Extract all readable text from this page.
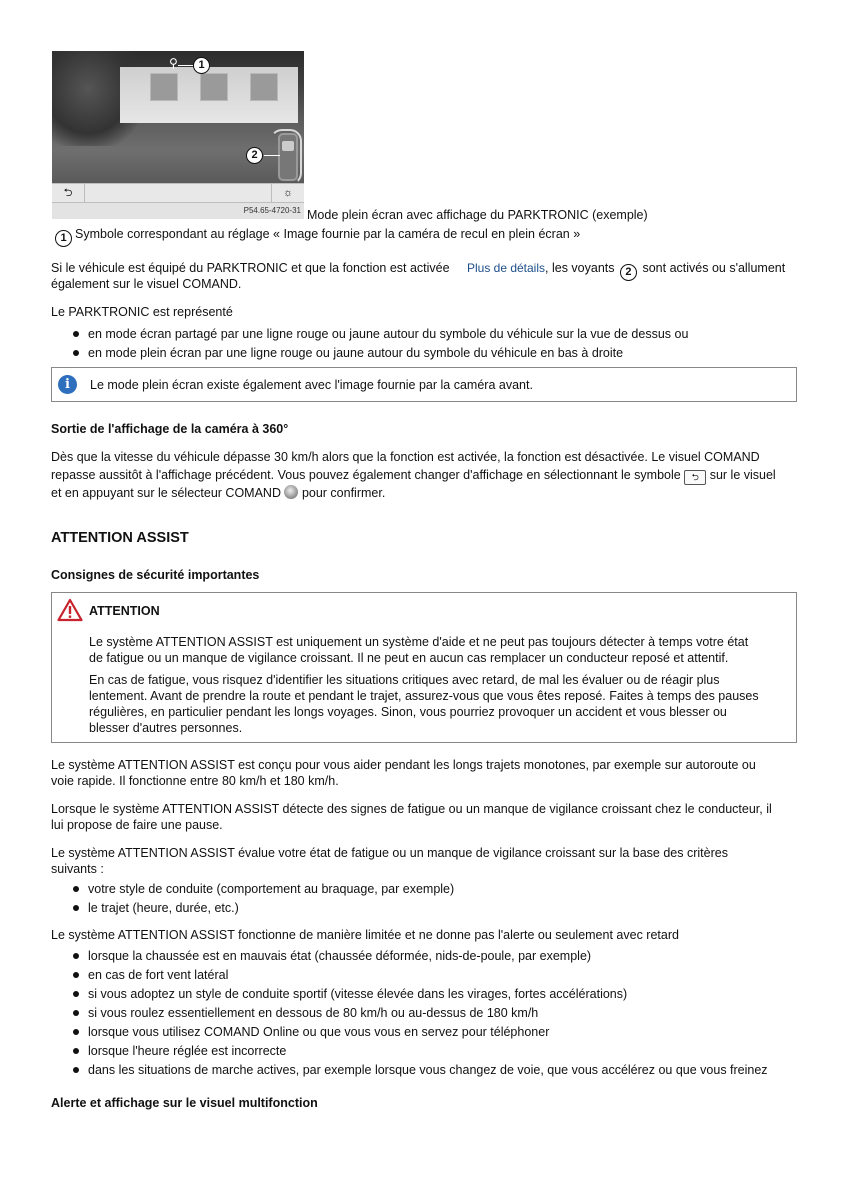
⚲	1
2
⮌	☼
P54.65-4720-31 Mode plein écran avec affichage du PARKTRONIC (exemple)
1 Symbole correspondant au réglage « Image fournie par la caméra de recul en plein écran »

Si le véhicule est équipé du PARKTRONIC et que la fonction est activée Plus de détails, les voyants 2 sont activés ou s'allument

également sur le visuel COMAND.

Le PARKTRONIC est représenté
en mode écran partagé par une ligne rouge ou jaune autour du symbole du véhicule sur la vue de dessus ou
en mode plein écran par une ligne rouge ou jaune autour du symbole du véhicule en bas à droite
i	Le mode plein écran existe également avec l'image fournie par la caméra avant.
Sortie de l'affichage de la caméra à 360°

Dès que la vitesse du véhicule dépasse 30 km/h alors que la fonction est activée, la fonction est désactivée. Le visuel COMAND

repasse aussitôt à l'affichage précédent. Vous pouvez également changer d'affichage en sélectionnant le symbole ⮌ sur le visuel

et en appuyant sur le sélecteur COMAND pour confirmer.

ATTENTION ASSIST
Consignes de sécurité importantes
ATTENTION

Le système ATTENTION ASSIST est uniquement un système d'aide et ne peut pas toujours détecter à temps votre état

de fatigue ou un manque de vigilance croissant. Il ne peut en aucun cas remplacer un conducteur reposé et attentif.

En cas de fatigue, vous risquez d'identifier les situations critiques avec retard, de mal les évaluer ou de réagir plus

lentement. Avant de prendre la route et pendant le trajet, assurez-vous que vous êtes reposé. Faites à temps des pauses

régulières, en particulier pendant les longs voyages. Sinon, vous pourriez provoquer un accident et vous blesser ou

blesser d'autres personnes.

Le système ATTENTION ASSIST est conçu pour vous aider pendant les longs trajets monotones, par exemple sur autoroute ou

voie rapide. Il fonctionne entre 80 km/h et 180 km/h.

Lorsque le système ATTENTION ASSIST détecte des signes de fatigue ou un manque de vigilance croissant chez le conducteur, il

lui propose de faire une pause.

Le système ATTENTION ASSIST évalue votre état de fatigue ou un manque de vigilance croissant sur la base des critères

suivants :

votre style de conduite (comportement au braquage, par exemple)
le trajet (heure, durée, etc.)
Le système ATTENTION ASSIST fonctionne de manière limitée et ne donne pas l'alerte ou seulement avec retard
lorsque la chaussée est en mauvais état (chaussée déformée, nids-de-poule, par exemple)
en cas de fort vent latéral
si vous adoptez un style de conduite sportif (vitesse élevée dans les virages, fortes accélérations)
si vous roulez essentiellement en dessous de 80 km/h ou au-dessus de 180 km/h
lorsque vous utilisez COMAND Online ou que vous vous en servez pour téléphoner
lorsque l'heure réglée est incorrecte
dans les situations de marche actives, par exemple lorsque vous changez de voie, que vous accélérez ou que vous freinez
Alerte et affichage sur le visuel multifonction
